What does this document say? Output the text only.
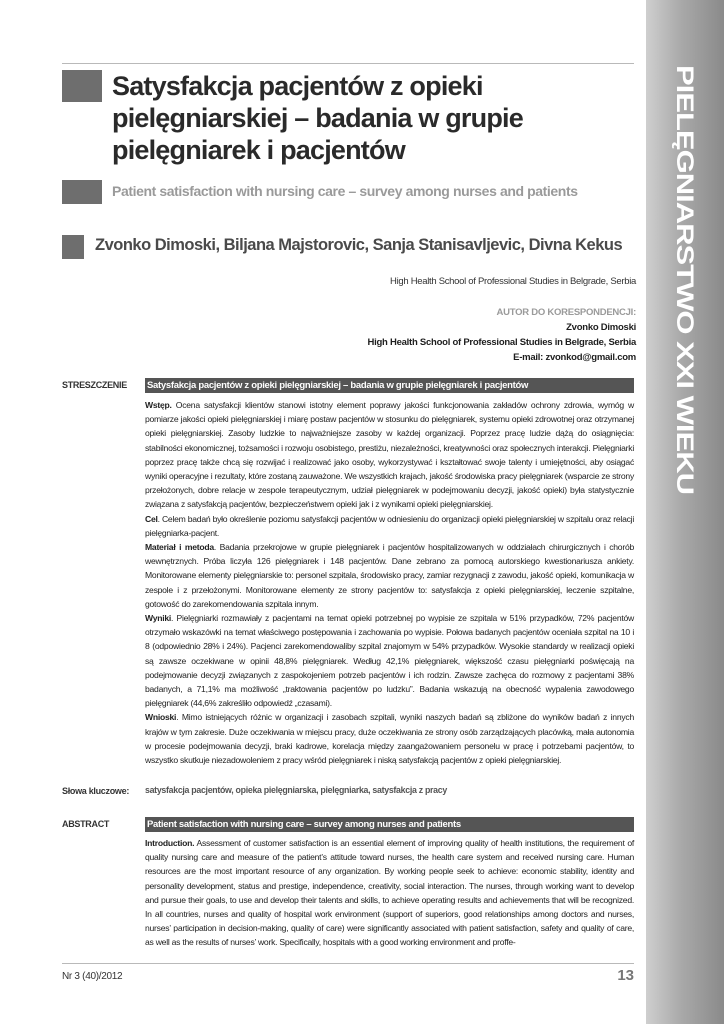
PIELĘGNIARSTWO XXI WIEKU
Satysfakcja pacjentów z opieki pielęgniarskiej – badania w grupie pielęgniarek i pacjentów
Patient satisfaction with nursing care – survey among nurses and patients
Zvonko Dimoski, Biljana Majstorovic, Sanja Stanisavljevic, Divna Kekus
High Health School of Professional Studies in Belgrade, Serbia
AUTOR DO KORESPONDENCJI:
Zvonko Dimoski
High Health School of Professional Studies in Belgrade, Serbia
E-mail: zvonkod@gmail.com
STRESZCZENIE Satysfakcja pacjentów z opieki pielęgniarskiej – badania w grupie pielęgniarek i pacjentów

Wstęp. Ocena satysfakcji klientów stanowi istotny element poprawy jakości funkcjonowania zakładów ochrony zdrowia, wymóg w pomiarze jakości opieki pielęgniarskiej i miarę postaw pacjentów w stosunku do pielęgniarek, systemu opieki zdrowotnej oraz otrzymanej opieki pielęgniarskiej. Zasoby ludzkie to najważniejsze zasoby w każdej organizacji. Poprzez pracę ludzie dążą do osiągnięcia: stabilności ekonomicznej, tożsamości i rozwoju osobistego, prestiżu, niezależności, kreatywności oraz społecznych interakcji. Pielęgniarki poprzez pracę także chcą się rozwijać i realizować jako osoby, wykorzystywać i kształtować swoje talenty i umiejętności, aby osiągać wyniki operacyjne i rezultaty, które zostaną zauważone. We wszystkich krajach, jakość środowiska pracy pielęgniarek (wsparcie ze strony przełożonych, dobre relacje w zespole terapeutycznym, udział pielęgniarek w podejmowaniu decyzji, jakość opieki) była statystycznie związana z satysfakcją pacjentów, bezpieczeństwem opieki jak i z wynikami opieki pielęgniarskiej.

Cel. Celem badań było określenie poziomu satysfakcji pacjentów w odniesieniu do organizacji opieki pielęgniarskiej w szpitalu oraz relacji pielęgniarka-pacjent.

Materiał i metoda. Badania przekrojowe w grupie pielęgniarek i pacjentów hospitalizowanych w oddziałach chirurgicznych i chorób wewnętrznych. Próba liczyła 126 pielęgniarek i 148 pacjentów. Dane zebrano za pomocą autorskiego kwestionariusza ankiety. Monitorowane elementy pielęgniarskie to: personel szpitala, środowisko pracy, zamiar rezygnacji z zawodu, jakość opieki, komunikacja w zespole i z przełożonymi. Monitorowane elementy ze strony pacjentów to: satysfakcja z opieki pielęgniarskiej, leczenie szpitalne, gotowość do zarekomendowania szpitala innym.

Wyniki. Pielęgniarki rozmawiały z pacjentami na temat opieki potrzebnej po wypisie ze szpitala w 51% przypadków, 72% pacjentów otrzymało wskazówki na temat właściwego postępowania i zachowania po wypisie. Połowa badanych pacjentów oceniała szpital na 10 i 8 (odpowiednio 28% i 24%). Pacjenci zarekomendowaliby szpital znajomym w 54% przypadków. Wysokie standardy w realizacji opieki są zawsze oczekiwane w opinii 48,8% pielęgniarek. Według 42,1% pielęgniarek, większość czasu pielęgniarki poświęcają na podejmowanie decyzji związanych z zaspokojeniem potrzeb pacjentów i ich rodzin. Zawsze zachęca do rozmowy z pacjentami 38% badanych, a 71,1% ma możliwość „traktowania pacjentów po ludzku”. Badania wskazują na obecność wypalenia zawodowego pielęgniarek (44,6% zakreśliło odpowiedź „czasami).

Wnioski. Mimo istniejących różnic w organizacji i zasobach szpitali, wyniki naszych badań są zbliżone do wyników badań z innych krajów w tym zakresie. Duże oczekiwania w miejscu pracy, duże oczekiwania ze strony osób zarządzających placówką, mała autonomia w procesie podejmowania decyzji, braki kadrowe, korelacja między zaangażowaniem personelu w pracę i potrzebami pacjentów, to wszystko skutkuje niezadowoleniem z pracy wśród pielęgniarek i niską satysfakcją pacjentów z opieki pielęgniarskiej.

Słowa kluczowe: satysfakcja pacjentów, opieka pielęgniarska, pielęgniarka, satysfakcja z pracy
ABSTRACT	Patient satisfaction with nursing care – survey among nurses and patients

Introduction. Assessment of customer satisfaction is an essential element of improving quality of health institutions, the requirement of quality nursing care and measure of the patient’s attitude toward nurses, the health care system and received nursing care. Human resources are the most important resource of any organization. By working people seek to achieve: economic stability, identity and personality development, status and prestige, independence, creativity, social interaction. The nurses, through working want to develop and pursue their goals, to use and develop their talents and skills, to achieve operating results and achievements that will be recognized. In all countries, nurses and quality of hospital work environment (support of superiors, good relationships among doctors and nurses, nurses’ participation in decision-making, quality of care) were significantly associated with patient satisfaction, safety and quality of care, as well as the results of nurses’ work. Specifically, hospitals with a good working environment and proffe-

Nr 3 (40)/2012	13
